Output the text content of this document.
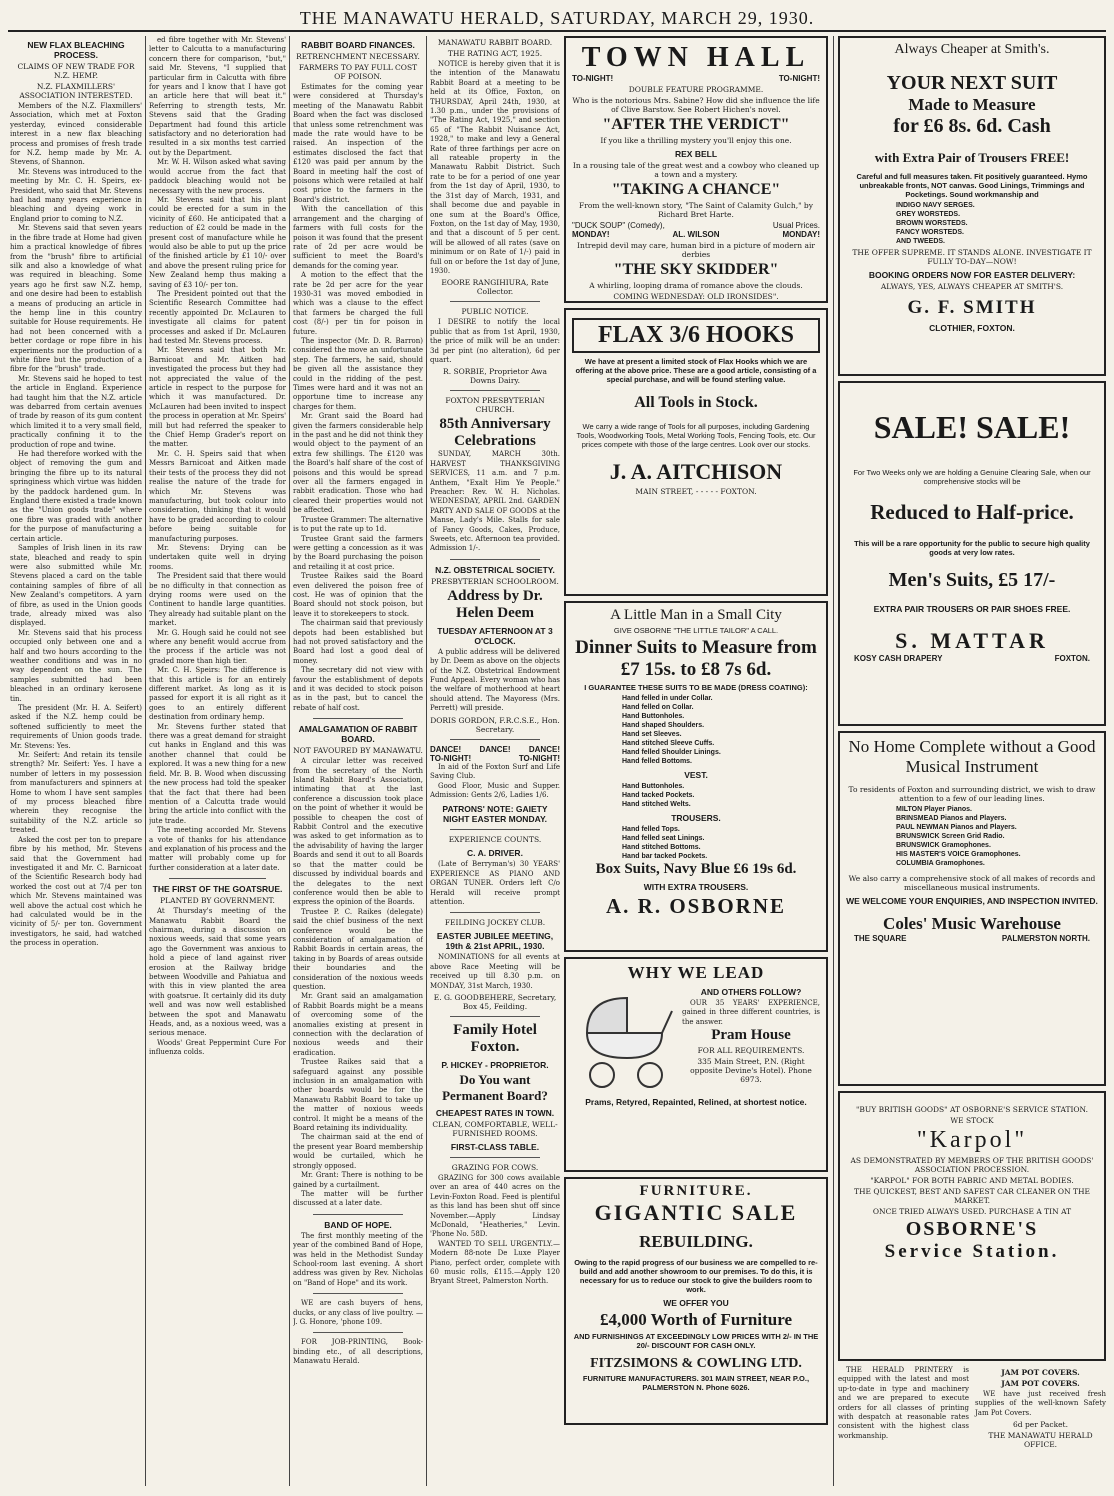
THE MANAWATU HERALD, SATURDAY, MARCH 29, 1930.
NEW FLAX BLEACHING PROCESS.
CLAIMS OF NEW TRADE FOR N.Z. HEMP.
N.Z. FLAXMILLERS' ASSOCIATION INTERESTED.

Members of the N.Z. Flaxmillers' Association, which met at Foxton yesterday, evinced considerable interest in a new flax bleaching process and promises of fresh trade for N.Z. hemp made by Mr. A. Stevens, of Shannon.

Mr. Stevens was introduced to the meeting by Mr. C. H. Speirs, ex-President, who said that Mr. Stevens had had many years experience in bleaching and dyeing work in England prior to coming to N.Z.

Mr. Stevens said that seven years in the fibre trade at Home had given him a practical knowledge of fibres from the "brush" fibre to artificial silk and also a knowledge of what was required in bleaching. Some years ago he first saw N.Z. hemp, and one desire had been to establish a means of producing an article in the hemp line in this country suitable for House requirements. He had not been concerned with a better cordage or rope fibre in his experiments nor the production of a white fibre but the production of a fibre for the "brush" trade.

Mr. Stevens said he hoped to test the article in England. Experience had taught him that the N.Z. article was debarred from certain avenues of trade by reason of its gum content which limited it to a very small field, practically confining it to the production of rope and twine.

He had therefore worked with the object of removing the gum and bringing the fibre up to its natural springiness which virtue was hidden by the paddock hardened gum. In England there existed a trade known as the "Union goods trade" where one fibre was graded with another for the purpose of manufacturing a certain article.

Samples of Irish linen in its raw state, bleached and ready to spin were also submitted while Mr. Stevens placed a card on the table containing samples of fibre of all New Zealand's competitors. A yarn of fibre, as used in the Union goods trade, already mixed was also displayed.

Mr. Stevens said that his process occupied only between one and a half and two hours according to the weather conditions and was in no way dependent on the sun. The samples submitted had been bleached in an ordinary kerosene tin.

The president (Mr. H. A. Seifert) asked if the N.Z. hemp could be softened sufficiently to meet the requirements of Union goods trade. Mr. Stevens: Yes.

Mr. Seifert: And retain its tensile strength? Mr. Seifert: Yes. I have a number of letters in my possession from manufacturers and spinners at Home to whom I have sent samples of my process bleached fibre wherein they recognise the suitability of the N.Z. article so treated.

Asked the cost per ton to prepare fibre by his method, Mr. Stevens said that the Government had investigated it and Mr. C. Barnicoat of the Scientific Research body had worked the cost out at 7/4 per ton which Mr. Stevens maintained was well above the actual cost which he had calculated would be in the vicinity of 5/- per ton. Government investigators, he said, had watched the process in operation.

ed fibre together with Mr. Stevens' letter to Calcutta to a manufacturing concern there for comparison, "but," said Mr. Stevens, "I supplied that particular firm in Calcutta with fibre for years and I know that I have got an article here that will beat it." Referring to strength tests, Mr. Stevens said that the Grading Department had found this article satisfactory and no deterioration had resulted in a six months test carried out by the Department.

Mr. W. H. Wilson asked what saving would accrue from the fact that paddock bleaching would not be necessary with the new process.

Mr. Stevens said that his plant could be erected for a sum in the vicinity of £60. He anticipated that a reduction of £2 could be made in the present cost of manufacture while he would also be able to put up the price of the finished article by £1 10/- over and above the present ruling price for New Zealand hemp thus making a saving of £3 10/- per ton.

The President pointed out that the Scientific Research Committee had recently appointed Dr. McLauren to investigate all claims for patent processes and asked if Dr. McLauren had tested Mr. Stevens process.

Mr. Stevens said that both Mr. Barnicoat and Mr. Aitken had investigated the process but they had not appreciated the value of the article in respect to the purpose for which it was manufactured. Dr. McLauren had been invited to inspect the process in operation at Mr. Speirs' mill but had referred the speaker to the Chief Hemp Grader's report on the matter.

Mr. C. H. Speirs said that when Messrs Barnicoat and Aitken made their tests of the process they did not realise the nature of the trade for which Mr. Stevens was manufacturing, but took colour into consideration, thinking that it would have to be graded according to colour before being suitable for manufacturing purposes.

Mr. Stevens: Drying can be undertaken quite well in drying rooms.

The President said that there would be no difficulty in that connection as drying rooms were used on the Continent to handle large quantities. They already had suitable plant on the market.

Mr. G. Hough said he could not see where any benefit would accrue from the process if the article was not graded more than high tier.

Mr. C. H. Speirs: The difference is that this article is for an entirely different market. As long as it is passed for export it is all right as it goes to an entirely different destination from ordinary hemp.

Mr. Stevens further stated that there was a great demand for straight cut hanks in England and this was another channel that could be explored. It was a new thing for a new field. Mr. B. B. Wood when discussing the new process had told the speaker that the fact that there had been mention of a Calcutta trade would bring the article into conflict with the jute trade.

The meeting accorded Mr. Stevens a vote of thanks for his attendance and explanation of his process and the matter will probably come up for further consideration at a later date.

THE FIRST OF THE GOATSRUE.
PLANTED BY GOVERNMENT.

At Thursday's meeting of the Manawatu Rabbit Board the chairman, during a discussion on noxious weeds, said that some years ago the Government was anxious to hold a piece of land against river erosion at the Railway bridge between Woodville and Pahiatua and with this in view planted the area with goatsrue. It certainly did its duty well and was now well established between the spot and Manawatu Heads, and, as a noxious weed, was a serious menace.

Woods' Great Peppermint Cure For influenza colds.

RABBIT BOARD FINANCES.
RETRENCHMENT NECESSARY.
FARMERS TO PAY FULL COST OF POISON.

Estimates for the coming year were considered at Thursday's meeting of the Manawatu Rabbit Board when the fact was disclosed that unless some retrenchment was made the rate would have to be raised. An inspection of the estimates disclosed the fact that £120 was paid per annum by the Board in meeting half the cost of poisons which were retailed at half cost price to the farmers in the Board's district.

With the cancellation of this arrangement and the charging of farmers with full costs for the poison it was found that the present rate of 2d per acre would be sufficient to meet the Board's demands for the coming year.

A motion to the effect that the rate be 2d per acre for the year 1930-31 was moved embodied in which was a clause to the effect that farmers be charged the full cost (8/-) per tin for poison in future.

The inspector (Mr. D. R. Barron) considered the move an unfortunate step. The farmers, he said, should be given all the assistance they could in the ridding of the pest. Times were hard and it was not an opportune time to increase any charges for them.

Mr. Grant said the Board had given the farmers considerable help in the past and he did not think they would object to the payment of an extra few shillings. The £120 was the Board's half share of the cost of poisons and this would be spread over all the farmers engaged in rabbit eradication. Those who had cleared their properties would not be affected.

Trustee Grammer: The alternative is to put the rate up to 1d.

Trustee Grant said the farmers were getting a concession as it was by the Board purchasing the poison and retailing it at cost price.

Trustee Raikes said the Board even delivered the poison free of cost. He was of opinion that the Board should not stock poison, but leave it to storekeepers to stock.

The chairman said that previously depots had been established but had not proved satisfactory and the Board had lost a good deal of money.

The secretary did not view with favour the establishment of depots and it was decided to stock poison as in the past, but to cancel the rebate of half cost.

AMALGAMATION OF RABBIT BOARD.
NOT FAVOURED BY MANAWATU.

A circular letter was received from the secretary of the North Island Rabbit Board's Association, intimating that at the last conference a discussion took place on the point of whether it would be possible to cheapen the cost of Rabbit Control and the executive was asked to get information as to the advisability of having the larger Boards and send it out to all Boards so that the matter could be discussed by individual boards and the delegates to the next conference would then be able to express the opinion of the Boards.

Trustee P. C. Raikes (delegate) said the chief business of the next conference would be the consideration of amalgamation of Rabbit Boards in certain areas, the taking in by Boards of areas outside their boundaries and the consideration of the noxious weeds question.

Mr. Grant said an amalgamation of Rabbit Boards might be a means of overcoming some of the anomalies existing at present in connection with the declaration of noxious weeds and their eradication.

Trustee Raikes said that a safeguard against any possible inclusion in an amalgamation with other boards would be for the Manawatu Rabbit Board to take up the matter of noxious weeds control. It might be a means of the Board retaining its individuality.

The chairman said at the end of the present year Board membership would be curtailed, which he strongly opposed.

Mr. Grant: There is nothing to be gained by a curtailment.

The matter will be further discussed at a later date.

BAND OF HOPE.

The first monthly meeting of the year of the combined Band of Hope, was held in the Methodist Sunday School-room last evening. A short address was given by Rev. Nicholas on "Band of Hope" and its work.

WE are cash buyers of hens, ducks, or any class of live poultry. —J. G. Honore, 'phone 109.

FOR JOB-PRINTING, Book-binding etc., of all descriptions, Manawatu Herald.

MANAWATU RABBIT BOARD.
THE RATING ACT, 1925.

NOTICE is hereby given that it is the intention of the Manawatu Rabbit Board at a meeting to be held at its Office, Foxton, on THURSDAY, April 24th, 1930, at 1.30 p.m., under the provisions of "The Rating Act, 1925," and section 65 of "The Rabbit Nuisance Act, 1928," to make and levy a General Rate of three farthings per acre on all rateable property in the Manawatu Rabbit District. Such rate to be for a period of one year from the 1st day of April, 1930, to the 31st day of March, 1931, and shall become due and payable in one sum at the Board's Office, Foxton, on the 1st day of May, 1930, and that a discount of 5 per cent. will be allowed of all rates (save on minimum or on Rate of 1/-) paid in full on or before the 1st day of June, 1930.

EOORE RANGIHIURA, Rate Collector.
PUBLIC NOTICE.

I DESIRE to notify the local public that as from 1st April, 1930, the price of milk will be an under: 3d per pint (no alteration), 6d per quart.

R. SORBIE, Proprietor Awa Downs Dairy.
FOXTON PRESBYTERIAN CHURCH.
85th Anniversary Celebrations

SUNDAY, MARCH 30th. HARVEST THANKSGIVING SERVICES, 11 a.m. and 7 p.m. Anthem, "Exalt Him Ye People." Preacher: Rev. W. H. Nicholas. WEDNESDAY, APRIL 2nd. GARDEN PARTY AND SALE OF GOODS at the Manse, Lady's Mile. Stalls for sale of Fancy Goods, Cakes, Produce, Sweets, etc. Afternoon tea provided. Admission 1/-.

N.Z. OBSTETRICAL SOCIETY.
PRESBYTERIAN SCHOOLROOM.
Address by Dr. Helen Deem
TUESDAY AFTERNOON AT 3 O'CLOCK.

A public address will be delivered by Dr. Deem as above on the objects of the N.Z. Obstetrical Endowment Fund Appeal. Every woman who has the welfare of motherhood at heart should attend. The Mayoress (Mrs. Perrett) will preside.

DORIS GORDON, F.R.C.S.E., Hon. Secretary.
DANCE! DANCE! DANCE!
TO-NIGHT!	TO-NIGHT!

In aid of the Foxton Surf and Life Saving Club.

Good Floor, Music and Supper. Admission: Gents 2/6, Ladies 1/6.

PATRONS' NOTE: GAIETY NIGHT EASTER MONDAY.
EXPERIENCE COUNTS.
C. A. DRIVER.

(Late of Berryman's) 30 YEARS' EXPERIENCE AS PIANO AND ORGAN TUNER. Orders left C/o Herald will receive prompt attention.

FEILDING JOCKEY CLUB.
EASTER JUBILEE MEETING, 19th & 21st APRIL, 1930.

NOMINATIONS for all events at above Race Meeting will be received up till 8.30 p.m. on MONDAY, 31st March, 1930.

E. G. GOODBEHERE, Secretary, Box 45, Feilding.
Family Hotel Foxton.
P. HICKEY - PROPRIETOR.
Do You want Permanent Board?
CHEAPEST RATES IN TOWN.
CLEAN, COMFORTABLE, WELL-FURNISHED ROOMS.
FIRST-CLASS TABLE.
GRAZING FOR COWS.

GRAZING for 300 cows available over an area of 440 acres on the Levin-Foxton Road. Feed is plentiful as this land has been shut off since November.—Apply Lindsay McDonald, "Heatheries," Levin. 'Phone No. 58D.

WANTED TO SELL URGENTLY.—Modern 88-note De Luxe Player Piano, perfect order, complete with 60 music rolls, £115.—Apply 120 Bryant Street, Palmerston North.

TOWN HALL
TO-NIGHT!	TO-NIGHT!
DOUBLE FEATURE PROGRAMME.
Who is the notorious Mrs. Sabine? How did she influence the life of Clive Barstow. See Robert Hichen's novel.
"AFTER THE VERDICT"
If you like a thrilling mystery you'll enjoy this one.
REX BELL
In a rousing tale of the great west and a cowboy who cleaned up a town and a mystery.
"TAKING A CHANCE"
From the well-known story, "The Saint of Calamity Gulch," by Richard Bret Harte.
"DUCK SOUP" (Comedy),	Usual Prices.
MONDAY!	AL. WILSON	MONDAY!
Intrepid devil may care, human bird in a picture of modern air derbies
"THE SKY SKIDDER"
A whirling, looping drama of romance above the clouds.
COMING WEDNESDAY: OLD IRONSIDES".
FLAX 3/6 HOOKS
We have at present a limited stock of Flax Hooks which we are offering at the above price. These are a good article, consisting of a special purchase, and will be found sterling value.
All Tools in Stock.
We carry a wide range of Tools for all purposes, including Gardening Tools, Woodworking Tools, Metal Working Tools, Fencing Tools, etc. Our prices compete with those of the large centres. Look over our stocks.
J. A. AITCHISON
MAIN STREET, - - - - - FOXTON.
A Little Man in a Small City
GIVE OSBORNE "THE LITTLE TAILOR" A CALL.
Dinner Suits to Measure from £7 15s. to £8 7s 6d.
I GUARANTEE THESE SUITS TO BE MADE (DRESS COATING):
Hand felled in under Collar.
Hand felled on Collar.
Hand Buttonholes.
Hand shaped Shoulders.
Hand set Sleeves.
Hand stitched Sleeve Cuffs.
Hand felled Shoulder Linings.
Hand felled Bottoms.
VEST.
Hand Buttonholes.
Hand tacked Pockets.
Hand stitched Welts.
TROUSERS.
Hand felled Tops.
Hand felled seat Linings.
Hand stitched Bottoms.
Hand bar tacked Pockets.
Box Suits, Navy Blue £6 19s 6d.
WITH EXTRA TROUSERS.
A. R. OSBORNE
WHY WE LEAD
AND OTHERS FOLLOW?

OUR 35 YEARS' EXPERIENCE, gained in three different countries, is the answer.

Pram House
FOR ALL REQUIREMENTS.
335 Main Street, P.N. (Right opposite Devine's Hotel). Phone 6973.
Prams, Retyred, Repainted, Relined, at shortest notice.
FURNITURE.
GIGANTIC SALE
REBUILDING.
Owing to the rapid progress of our business we are compelled to re-build and add another showroom to our premises. To do this, it is necessary for us to reduce our stock to give the builders room to work.
WE OFFER YOU
£4,000 Worth of Furniture
AND FURNISHINGS AT EXCEEDINGLY LOW PRICES WITH 2/- IN THE 20/- DISCOUNT FOR CASH ONLY.
FITZSIMONS & COWLING LTD.
FURNITURE MANUFACTURERS. 301 MAIN STREET, NEAR P.O., PALMERSTON N. Phone 6026.
Always Cheaper at Smith's.
YOUR NEXT SUIT
Made to Measure
for £6 8s. 6d. Cash
with Extra Pair of Trousers FREE!
Careful and full measures taken. Fit positively guaranteed. Hymo unbreakable fronts, NOT canvas. Good Linings, Trimmings and Pocketings. Sound workmanship and
INDIGO NAVY SERGES.
GREY WORSTEDS.
BROWN WORSTEDS.
FANCY WORSTEDS.
AND TWEEDS.
THE OFFER SUPREME. IT STANDS ALONE. INVESTIGATE IT FULLY TO-DAY—NOW!
BOOKING ORDERS NOW FOR EASTER DELIVERY:
ALWAYS, YES, ALWAYS CHEAPER AT SMITH'S.
G. F. SMITH
CLOTHIER, FOXTON.
SALE! SALE!
For Two Weeks only we are holding a Genuine Clearing Sale, when our comprehensive stocks will be
Reduced to Half-price.
This will be a rare opportunity for the public to secure high quality goods at very low rates.
Men's Suits, £5 17/-
EXTRA PAIR TROUSERS OR PAIR SHOES FREE.
S. MATTAR
KOSY CASH DRAPERY	FOXTON.
No Home Complete without a Good Musical Instrument
To residents of Foxton and surrounding district, we wish to draw attention to a few of our leading lines.
MILTON Player Pianos.
BRINSMEAD Pianos and Players.
PAUL NEWMAN Pianos and Players.
BRUNSWICK Screen Grid Radio.
BRUNSWICK Gramophones.
HIS MASTER'S VOICE Gramophones.
COLUMBIA Gramophones.
We also carry a comprehensive stock of all makes of records and miscellaneous musical instruments.
WE WELCOME YOUR ENQUIRIES, AND INSPECTION INVITED.
Coles' Music Warehouse
THE SQUARE	PALMERSTON NORTH.
"BUY BRITISH GOODS" AT OSBORNE'S SERVICE STATION.
WE STOCK
"Karpol"
AS DEMONSTRATED BY MEMBERS OF THE BRITISH GOODS' ASSOCIATION PROCESSION.
"KARPOL" FOR BOTH FABRIC AND METAL BODIES.
THE QUICKEST, BEST AND SAFEST CAR CLEANER ON THE MARKET.
ONCE TRIED ALWAYS USED. PURCHASE A TIN AT
OSBORNE'S
Service Station.

THE HERALD PRINTERY is equipped with the latest and most up-to-date in type and machinery and we are prepared to execute orders for all classes of printing with despatch at reasonable rates consistent with the highest class workmanship.

JAM POT COVERS.
JAM POT COVERS.

WE have just received fresh supplies of the well-known Safety Jam Pot Covers.

6d per Packet.
THE MANAWATU HERALD OFFICE.
